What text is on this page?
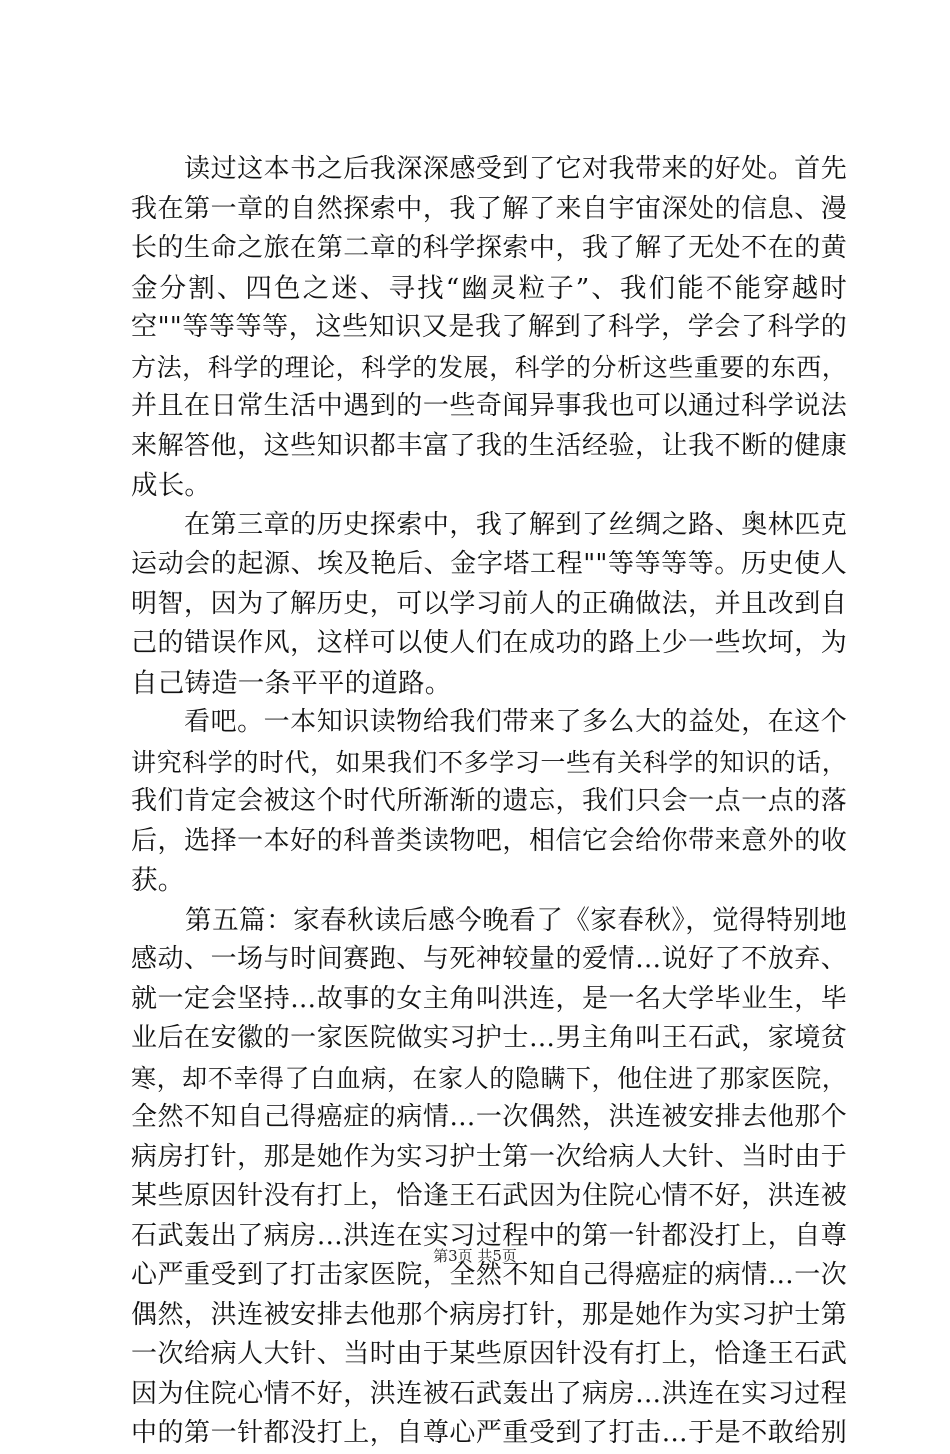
　　读过这本书之后我深深感受到了它对我带来的好处。首先
我在第一章的自然探索中，我了解了来自宇宙深处的信息、漫
长的生命之旅在第二章的科学探索中，我了解了无处不在的黄
金分割、四色之迷、寻找“幽灵粒子”、我们能不能穿越时
空""等等等等，这些知识又是我了解到了科学，学会了科学的
方法，科学的理论，科学的发展，科学的分析这些重要的东西，
并且在日常生活中遇到的一些奇闻异事我也可以通过科学说法
来解答他，这些知识都丰富了我的生活经验，让我不断的健康
成长。
　　在第三章的历史探索中，我了解到了丝绸之路、奥林匹克
运动会的起源、埃及艳后、金字塔工程""等等等等。历史使人
明智，因为了解历史，可以学习前人的正确做法，并且改到自
己的错误作风，这样可以使人们在成功的路上少一些坎坷，为
自己铸造一条平平的道路。
　　看吧。一本知识读物给我们带来了多么大的益处，在这个
讲究科学的时代，如果我们不多学习一些有关科学的知识的话，
我们肯定会被这个时代所渐渐的遗忘，我们只会一点一点的落
后，选择一本好的科普类读物吧，相信它会给你带来意外的收
获。
　　第五篇：家春秋读后感今晚看了《家春秋》，觉得特别地
感动、一场与时间赛跑、与死神较量的爱情…说好了不放弃、
就一定会坚持…故事的女主角叫洪连，是一名大学毕业生，毕
业后在安徽的一家医院做实习护士…男主角叫王石武，家境贫
寒，却不幸得了白血病，在家人的隐瞒下，他住进了那家医院，
全然不知自己得癌症的病情…一次偶然，洪连被安排去他那个
病房打针，那是她作为实习护士第一次给病人大针、当时由于
某些原因针没有打上，恰逢王石武因为住院心情不好，洪连被
石武轰出了病房…洪连在实习过程中的第一针都没打上，自尊
心严重受到了打击家医院，全然不知自己得癌症的病情…一次
偶然，洪连被安排去他那个病房打针，那是她作为实习护士第
一次给病人大针、当时由于某些原因针没有打上，恰逢王石武
因为住院心情不好，洪连被石武轰出了病房…洪连在实习过程
中的第一针都没打上，自尊心严重受到了打击…于是不敢给别
第3页 共5页
